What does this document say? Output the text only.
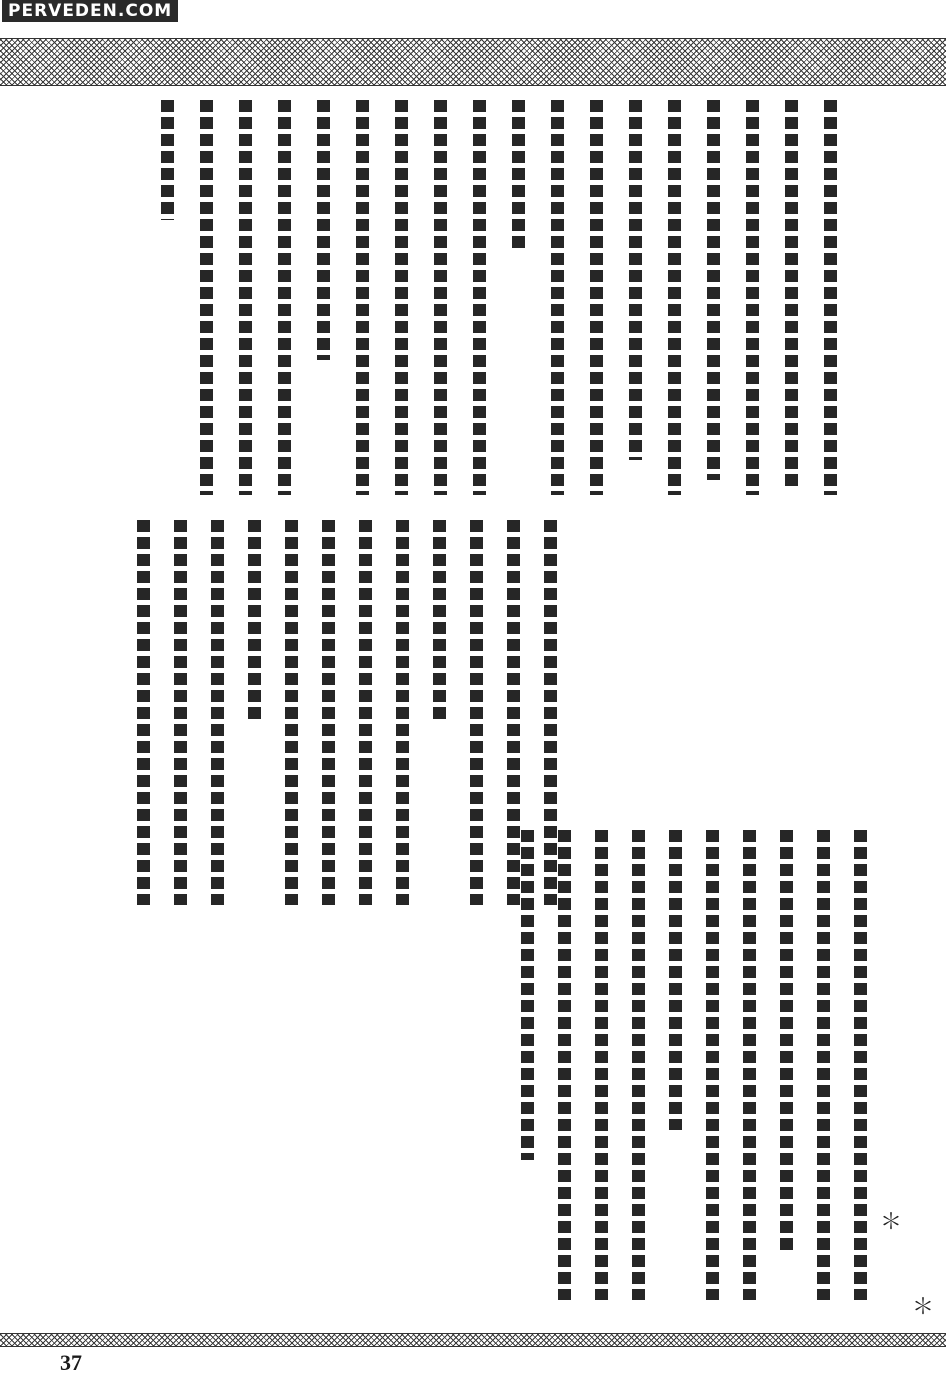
PERVEDEN.COM
＊
＊
37
